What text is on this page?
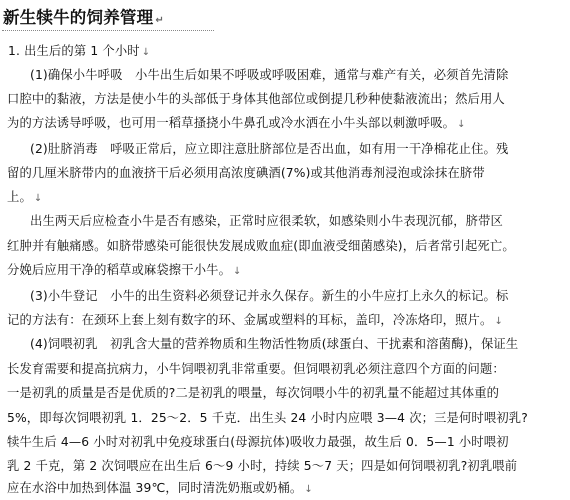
新生犊牛的饲养管理 ↵
1. 出生后的第 1 个小时 ↓
(1)确保小牛呼吸　小牛出生后如果不呼吸或呼吸困难，通常与难产有关，必须首先清除
口腔中的黏液，方法是使小牛的头部低于身体其他部位或倒提几秒种使黏液流出；然后用人
为的方法诱导呼吸，也可用一稻草搔挠小牛鼻孔或冷水洒在小牛头部以刺激呼吸。 ↓
(2)肚脐消毒　呼吸正常后，应立即注意肚脐部位是否出血，如有用一干净棉花止住。残
留的几厘米脐带内的血液挤干后必须用高浓度碘酒(7%)或其他消毒剂浸泡或涂抹在脐带
上。 ↓
出生两天后应检查小牛是否有感染，正常时应很柔软，如感染则小牛表现沉郁，脐带区
红肿并有触痛感。如脐带感染可能很快发展成败血症(即血液受细菌感染)，后者常引起死亡。
分娩后应用干净的稻草或麻袋擦干小牛。 ↓
(3)小牛登记　小牛的出生资料必须登记并永久保存。新生的小牛应打上永久的标记。标
记的方法有：在颈环上套上刻有数字的环、金属或塑料的耳标，盖印，冷冻烙印，照片。 ↓
(4)饲喂初乳　初乳含大量的营养物质和生物活性物质(球蛋白、干扰素和溶菌酶)，保证生
长发育需要和提高抗病力，小牛饲喂初乳非常重要。但饲喂初乳必须注意四个方面的问题：
一是初乳的质量是否是优质的?二是初乳的喂量，每次饲喂小牛的初乳量不能超过其体重的
5%，即每次饲喂初乳 1．25～2．5 千克．出生头 24 小时内应喂 3—4 次；三是何时喂初乳?
犊牛生后 4—6 小时对初乳中免疫球蛋白(母源抗体)吸收力最强，故生后 0．5—1 小时喂初
乳 2 千克，第 2 次饲喂应在出生后 6～9 小时，持续 5～7 天；四是如何饲喂初乳?初乳喂前
应在水浴中加热到体温 39℃，同时清洗奶瓶或奶桶。 ↓
